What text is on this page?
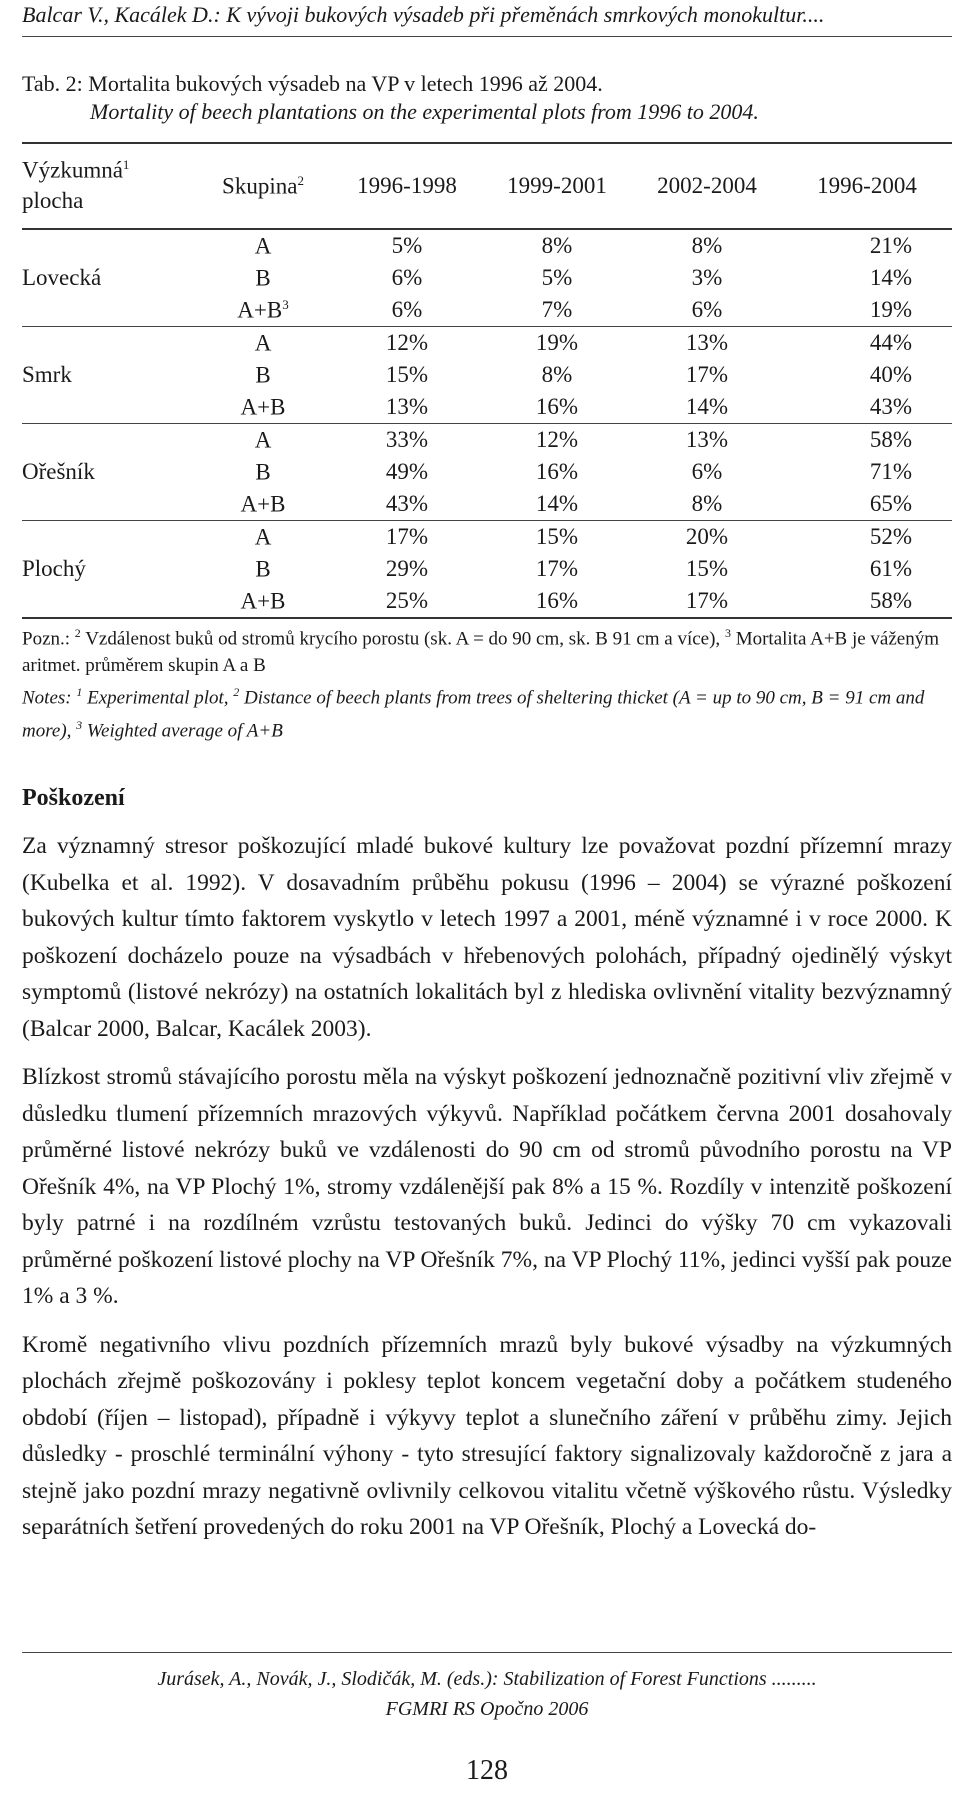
Balcar V., Kacálek D.: K vývoji bukových výsadeb při přeměnách smrkových monokultur....
Tab. 2: Mortalita bukových výsadeb na VP v letech 1996 až 2004.
Mortality of beech plantations on the experimental plots from 1996 to 2004.
Výzkumná$^1$
plocha	Skupina$^2$	1996-1998	1999-2001	2002-2004	1996-2004
	A	5%	8%	8%	21%
Lovecká	B	6%	5%	3%	14%
	$A+B^3$	6%	7%	6%	19%
	A	12%	19%	13%	44%
Smrk	B	15%	8%	17%	40%
	A+B	13%	16%	14%	43%
	A	33%	12%	13%	58%
Ořešník	B	49%	16%	6%	71%
	A+B	43%	14%	8%	65%
	A	17%	15%	20%	52%
Plochý	B	29%	17%	15%	61%
	A+B	25%	16%	17%	58%

Pozn.: $^2$ Vzdálenost buků od stromů krycího porostu (sk. A = do 90 cm, sk. B 91 cm a více), $^3$ Mortalita A+B je váženým aritmet. průměrem skupin A a B

Notes: $^1$ Experimental plot, $^2$ Distance of beech plants from trees of sheltering thicket (A = up to 90 cm, B = 91 cm and more), $^3$ Weighted average of A+B

Poškození

Za významný stresor poškozující mladé bukové kultury lze považovat pozdní přízemní mrazy (Kubelka et al. 1992). V dosavadním průběhu pokusu (1996 – 2004) se výrazné poškození bukových kultur tímto faktorem vyskytlo v letech 1997 a 2001, méně významné i v roce 2000. K poškození docházelo pouze na výsadbách v hřebenových polohách, případný ojedinělý výskyt symptomů (listové nekrózy) na ostatních lokalitách byl z hlediska ovlivnění vitality bezvýznamný (Balcar 2000, Balcar, Kacálek 2003).

Blízkost stromů stávajícího porostu měla na výskyt poškození jednoznačně pozitivní vliv zřejmě v důsledku tlumení přízemních mrazových výkyvů. Například počátkem června 2001 dosahovaly průměrné listové nekrózy buků ve vzdálenosti do 90 cm od stromů původního porostu na VP Ořešník 4%, na VP Plochý 1%, stromy vzdálenější pak 8% a 15 %. Rozdíly v intenzitě poškození byly patrné i na rozdílném vzrůstu testovaných buků. Jedinci do výšky 70 cm vykazovali průměrné poškození listové plochy na VP Ořešník 7%, na VP Plochý 11%, jedinci vyšší pak pouze 1% a 3 %.

Kromě negativního vlivu pozdních přízemních mrazů byly bukové výsadby na výzkumných plochách zřejmě poškozovány i poklesy teplot koncem vegetační doby a počátkem studeného období (říjen – listopad), případně i výkyvy teplot a slunečního záření v průběhu zimy. Jejich důsledky - proschlé terminální výhony - tyto stresující faktory signalizovaly každoročně z jara a stejně jako pozdní mrazy negativně ovlivnily celkovou vitalitu včetně výškového růstu. Výsledky separátních šetření provedených do roku 2001 na VP Ořešník, Plochý a Lovecká do-

Jurásek, A., Novák, J., Slodičák, M. (eds.): Stabilization of Forest Functions .........
FGMRI RS Opočno 2006
128
